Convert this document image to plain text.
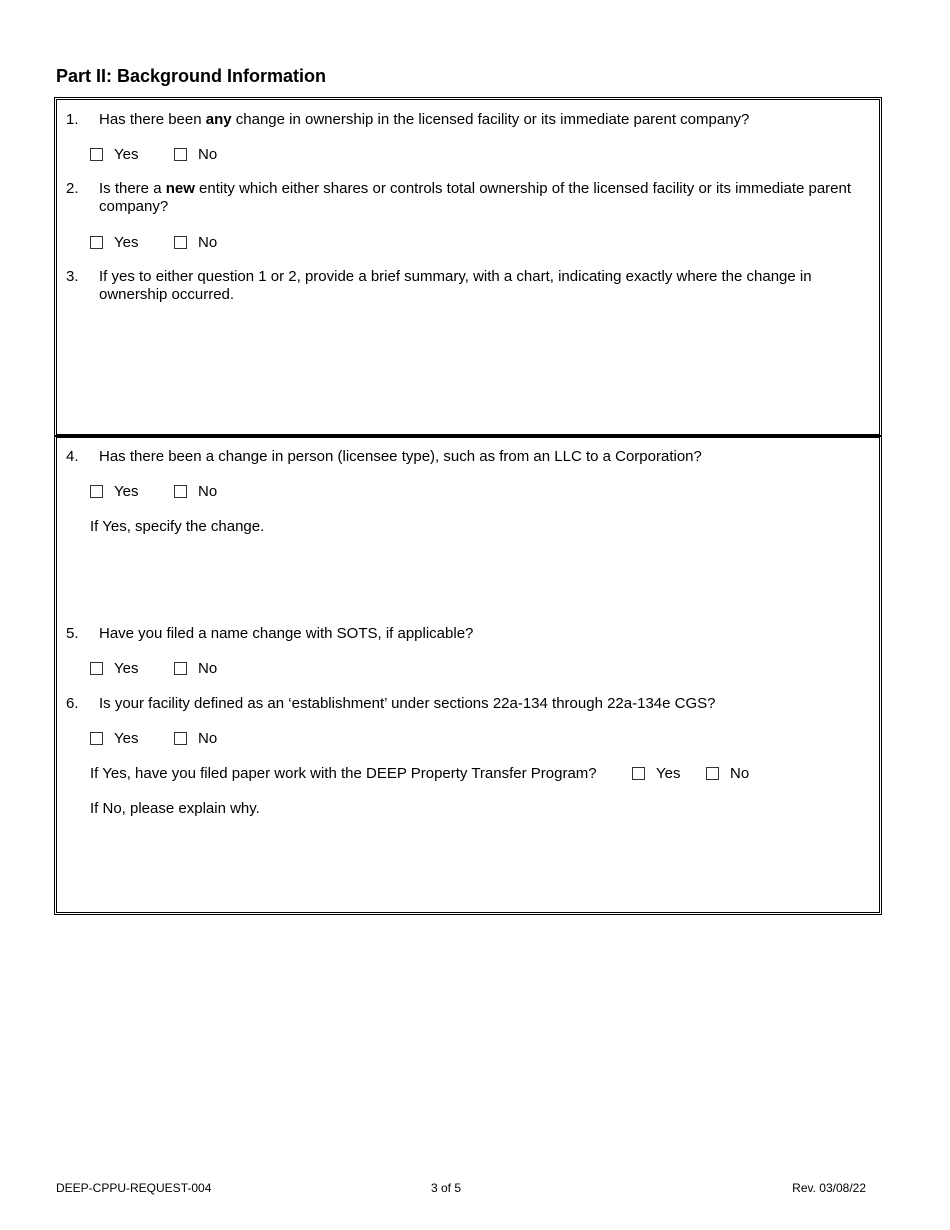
Part II: Background Information
1. Has there been any change in ownership in the licensed facility or its immediate parent company?
Yes	No
2. Is there a new entity which either shares or controls total ownership of the licensed facility or its immediate parent company?
Yes	No
3. If yes to either question 1 or 2, provide a brief summary, with a chart, indicating exactly where the change in ownership occurred.
4. Has there been a change in person (licensee type), such as from an LLC to a Corporation?
Yes	No
If Yes, specify the change.
5. Have you filed a name change with SOTS, if applicable?
Yes	No
6. Is your facility defined as an ‘establishment’ under sections 22a-134 through 22a-134e CGS?
Yes	No
If Yes, have you filed paper work with the DEEP Property Transfer Program?	Yes	No
If No, please explain why.
DEEP-CPPU-REQUEST-004	3 of 5	Rev. 03/08/22
